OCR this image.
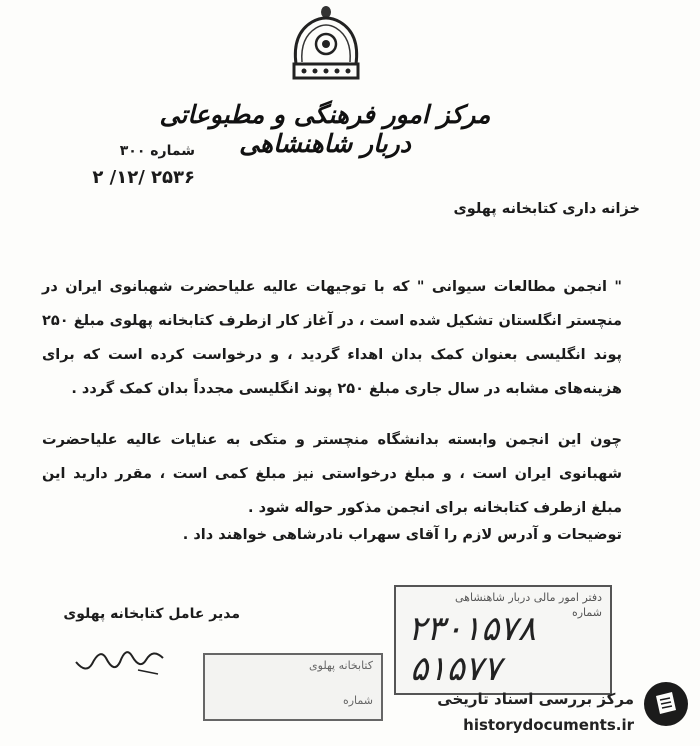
مرکز امور فرهنگی و مطبوعاتی دربار شاهنشاهی
شماره ۳۰۰
۲۵۳۶ /۱۲/ ۲
خزانه داری کتابخانه پهلوی
" انجمن مطالعات سیوانی " که با توجیهات عالیه علیاحضرت شهبانوی ایران در منچستر انگلستان تشکیل شده است ، در آغاز کار ازطرف کتابخانه پهلوی مبلغ ۲۵۰ پوند انگلیسی بعنوان کمک بدان اهداء گردید ، و درخواست کرده است که برای هزینه‌های مشابه در سال جاری مبلغ ۲۵۰ پوند انگلیسی مجدداً بدان کمک گردد .
چون این انجمن وابسته بدانشگاه منچستر و متکی به عنایات عالیه علیاحضرت شهبانوی ایران است ، و مبلغ درخواستی نیز مبلغ کمی است ، مقرر دارید این مبلغ ازطرف کتابخانه برای انجمن مذکور حواله شود .
توضیحات و آدرس لازم را آقای سهراب نادرشاهی خواهند داد .
مدیر عامل کتابخانه پهلوی
دفتر امور مالی دربار شاهنشاهی
شماره
۲۳۰۱۵۷۸
۵۱۵۷۷
کتابخانه پهلوی
شماره	مرکز بررسی اسناد تاریخی
historydocuments.ir
